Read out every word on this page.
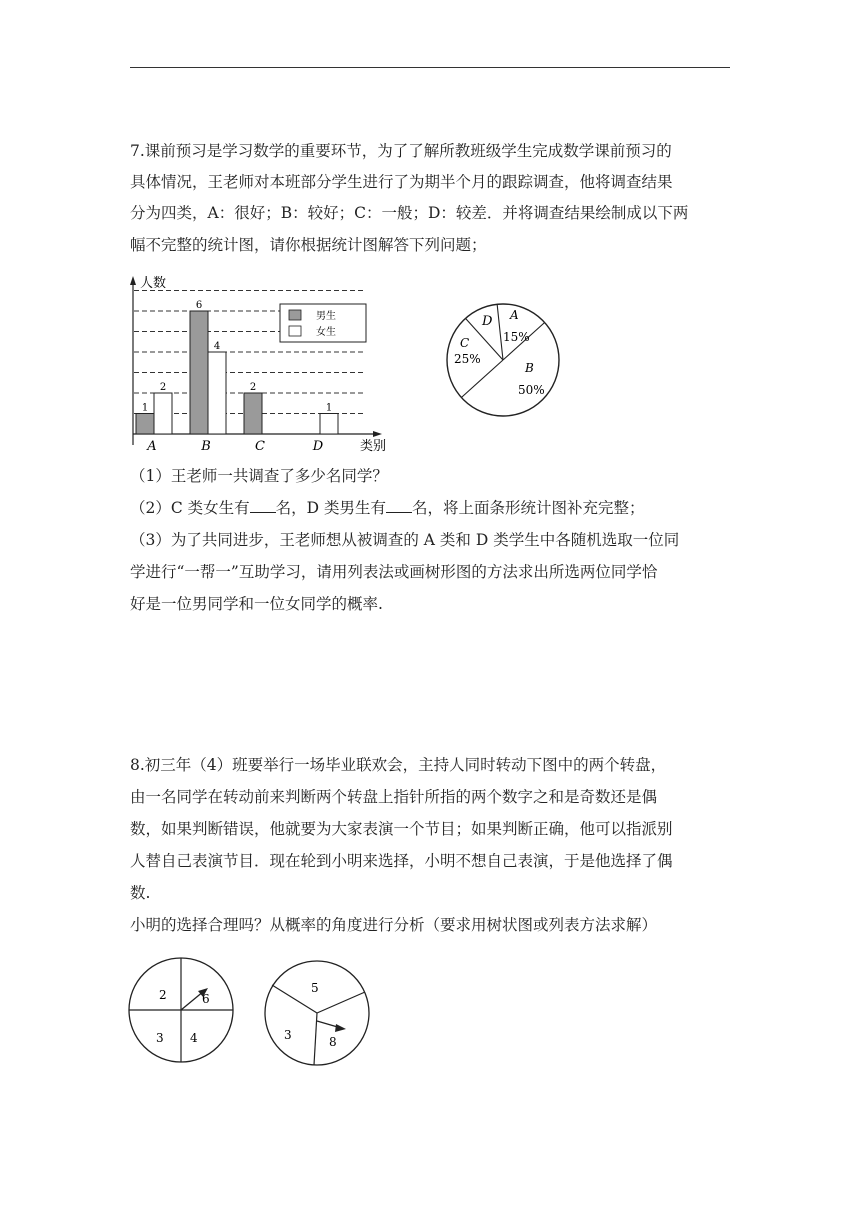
7.课前预习是学习数学的重要环节，为了了解所教班级学生完成数学课前预习的

具体情况，王老师对本班部分学生进行了为期半个月的跟踪调查，他将调查结果

分为四类，A：很好；B：较好；C：一般；D：较差．并将调查结果绘制成以下两

幅不完整的统计图，请你根据统计图解答下列问题；

人数
类别
1
2
A
6
4
B
2
C
1
D
男生
女生
A
15%
D
C
25%
B
50%

（1）王老师一共调查了多少名同学？

（2）C 类女生有 名，D 类男生有 名，将上面条形统计图补充完整；

（3）为了共同进步，王老师想从被调查的 A 类和 D 类学生中各随机选取一位同

学进行“一帮一”互助学习，请用列表法或画树形图的方法求出所选两位同学恰

好是一位男同学和一位女同学的概率.

8.初三年（4）班要举行一场毕业联欢会，主持人同时转动下图中的两个转盘，

由一名同学在转动前来判断两个转盘上指针所指的两个数字之和是奇数还是偶

数，如果判断错误，他就要为大家表演一个节目；如果判断正确，他可以指派别

人替自己表演节目．现在轮到小明来选择，小明不想自己表演，于是他选择了偶

数.

小明的选择合理吗？从概率的角度进行分析（要求用树状图或列表方法求解）

2	6
3 4
5
3	8
